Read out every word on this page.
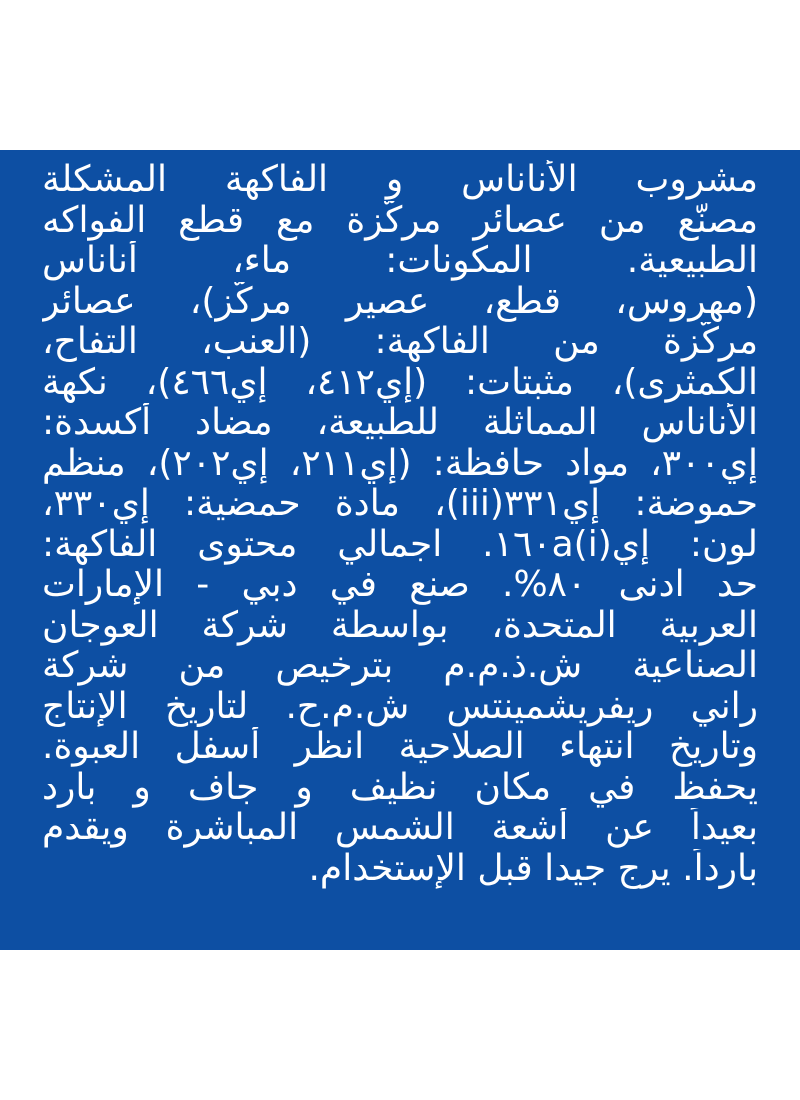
مشروب الأناناس و الفاكهة المشكلة
مصنّع من عصائر مركّزة مع قطع الفواكه
الطبيعية. المكونات: ماء، أناناس
(مهروس، قطع، عصير مركّز)، عصائر
مركّزة من الفاكهة: (العنب، التفاح،
الكمثرى)، مثبتات: (إي٤١٢، إي٤٦٦)، نكهة
الأناناس المماثلة للطبيعة، مضاد أكسدة:
إي٣٠٠، مواد حافظة: (إي٢١١، إي٢٠٢)، منظم
حموضة: إي٣٣١(iii)، مادة حمضية: إي٣٣٠،
لون: إي١٦٠a(i). اجمالي محتوى الفاكهة:
حد ادنى ٨٠%. صنع في دبي - الإمارات
العربية المتحدة، بواسطة شركة العوجان
الصناعية ش.ذ.م.م بترخيص من شركة
راني ريفريشمينتس ش.م.ح. لتاريخ الإنتاج
وتاريخ انتهاء الصلاحية انظر أسفل العبوة.
يحفظ في مكان نظيف و جاف و بارد
بعيداً عن أشعة الشمس المباشرة ويقدم
بارداً. يرج جيدا قبل الإستخدام.
